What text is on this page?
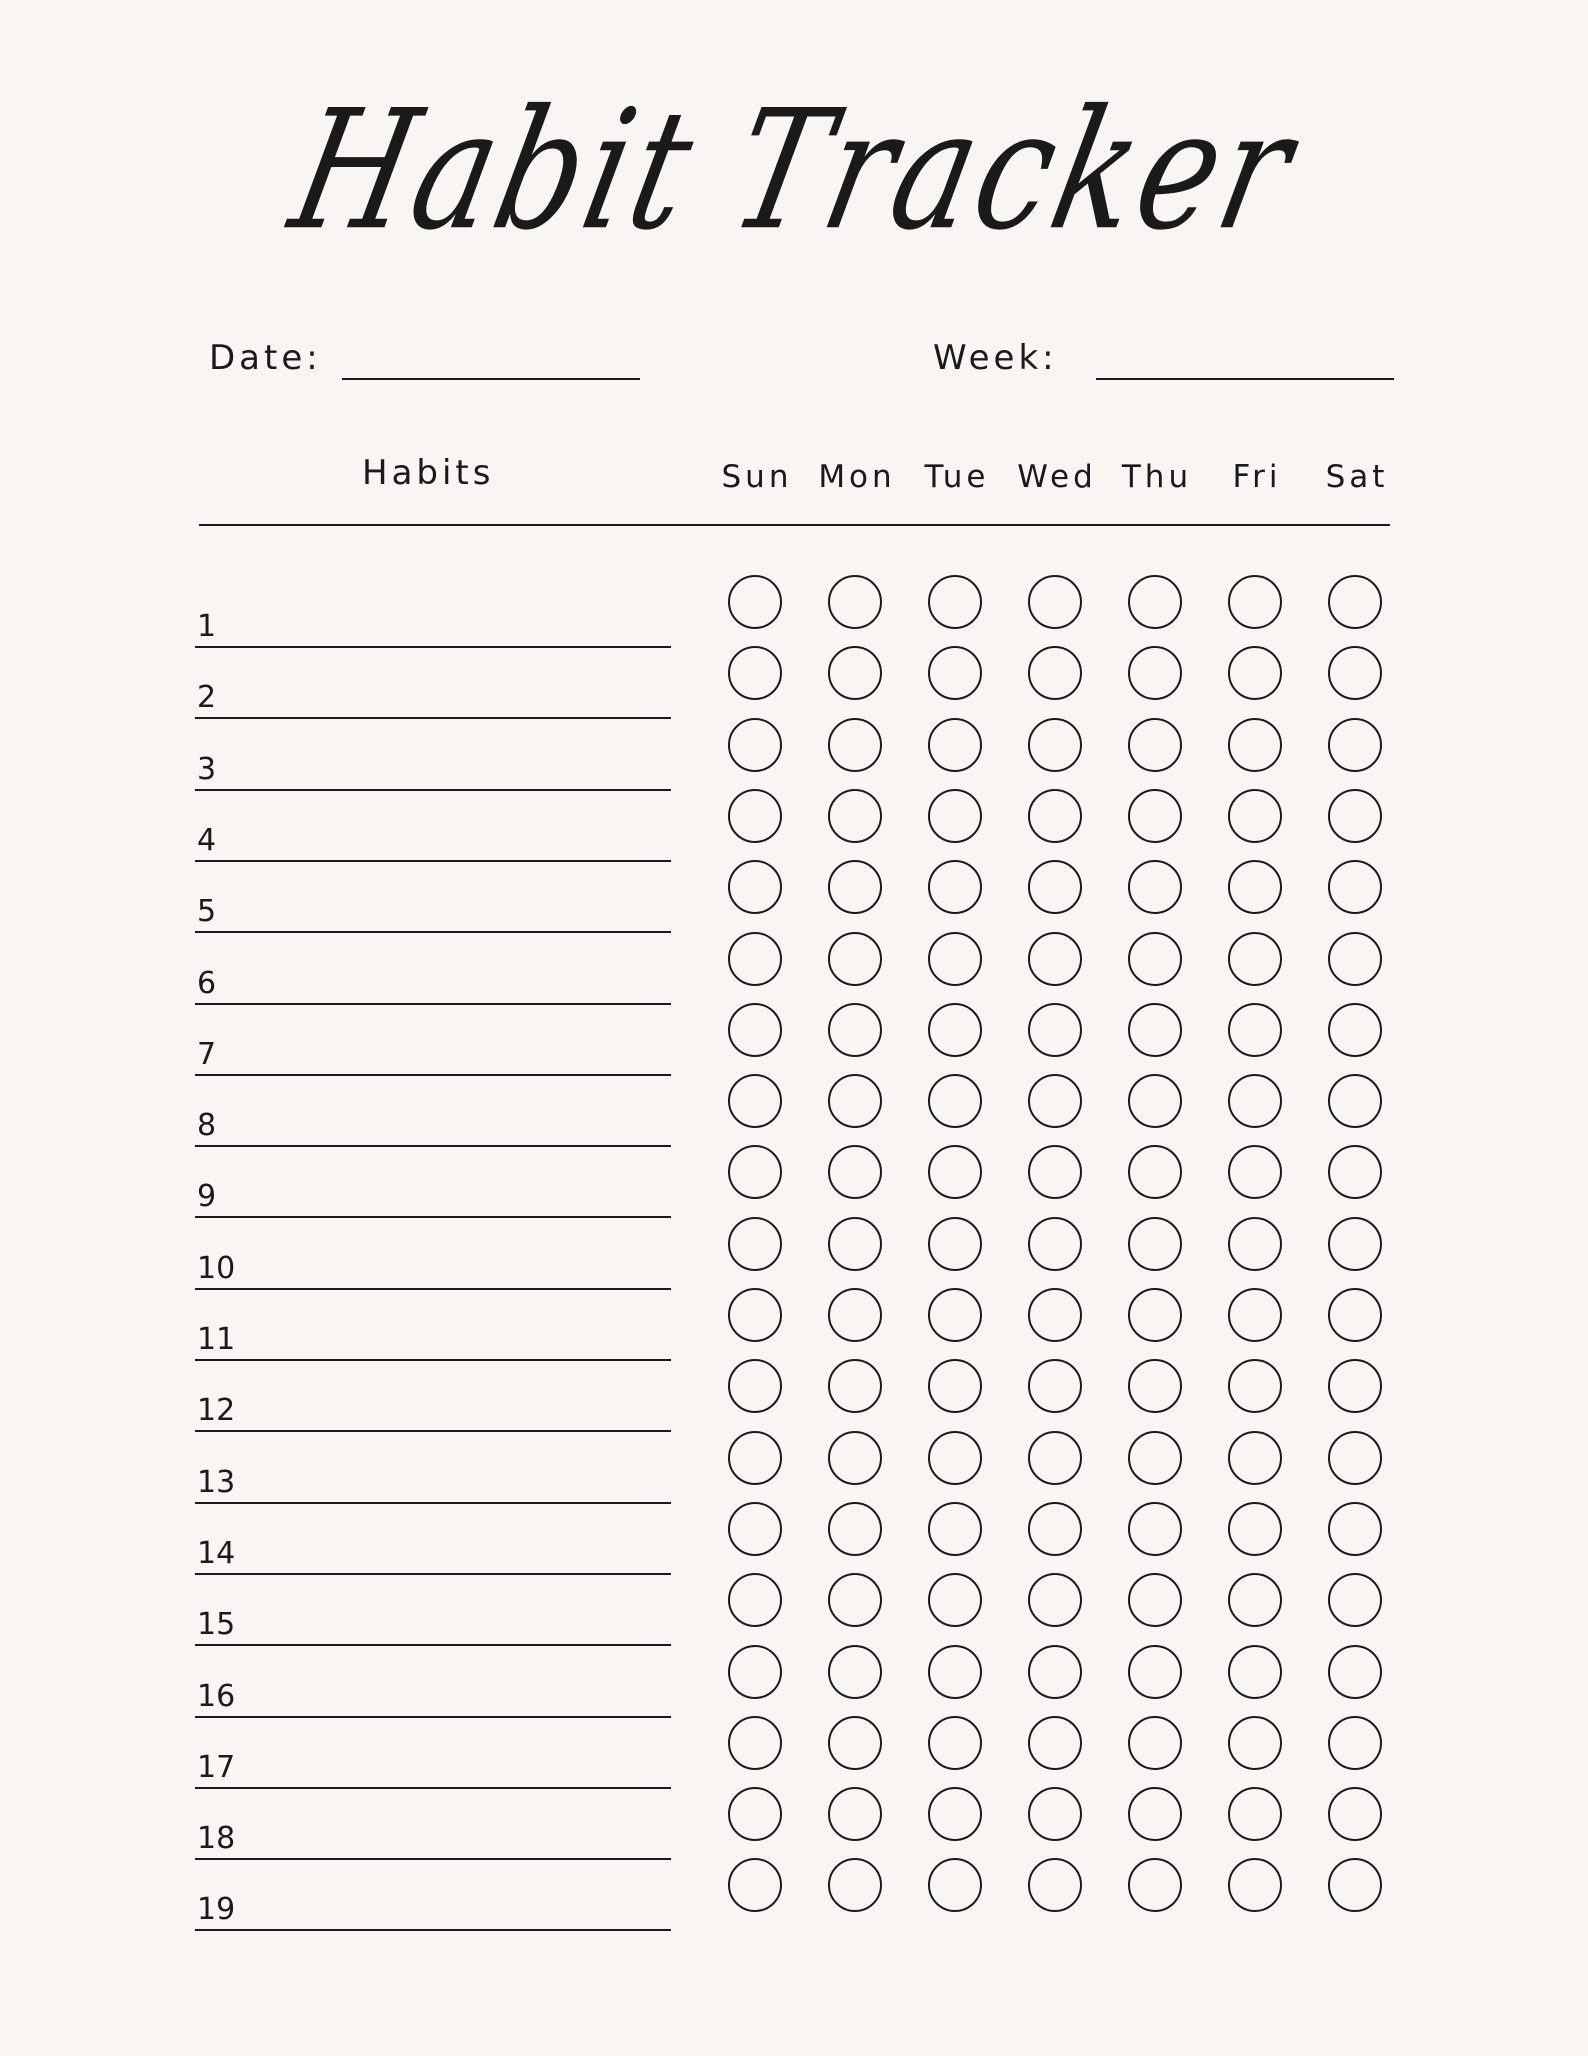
Habit Tracker
Date:	Week:
Habits	Sun Mon Tue Wed Thu	Fri	Sat
1
2
3
4
5
6
7
8
9
10
11
12
13
14
15
16
17
18
19
